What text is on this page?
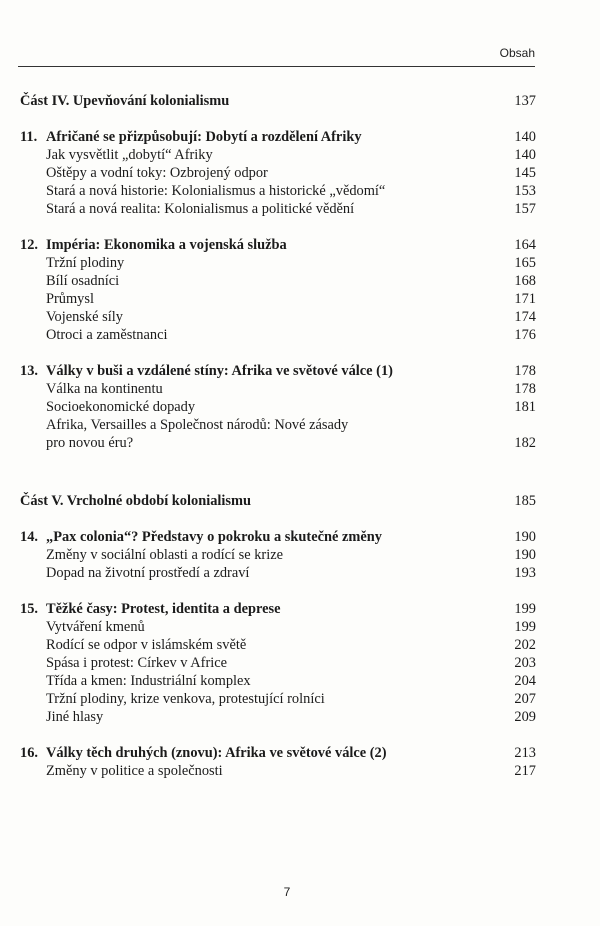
Obsah
Část IV. Upevňování kolonialismu	137
11. Afričané se přizpůsobují: Dobytí a rozdělení Afriky	140
Jak vysvětlit „dobytí“ Afriky	140
Oštěpy a vodní toky: Ozbrojený odpor	145
Stará a nová historie: Kolonialismus a historické „vědomí“	153
Stará a nová realita: Kolonialismus a politické vědění	157
12. Impéria: Ekonomika a vojenská služba	164
Tržní plodiny	165
Bílí osadníci	168
Průmysl	171
Vojenské síly	174
Otroci a zaměstnanci	176
13. Války v buši a vzdálené stíny: Afrika ve světové válce (1)	178
Válka na kontinentu	178
Socioekonomické dopady	181
Afrika, Versailles a Společnost národů: Nové zásady
pro novou éru?	182
Část V. Vrcholné období kolonialismu	185
14. „Pax colonia“? Představy o pokroku a skutečné změny	190
Změny v sociální oblasti a rodící se krize	190
Dopad na životní prostředí a zdraví	193
15. Těžké časy: Protest, identita a deprese	199
Vytváření kmenů	199
Rodící se odpor v islámském světě	202
Spása i protest: Církev v Africe	203
Třída a kmen: Industriální komplex	204
Tržní plodiny, krize venkova, protestující rolníci	207
Jiné hlasy	209
16. Války těch druhých (znovu): Afrika ve světové válce (2)	213
Změny v politice a společnosti	217
7
